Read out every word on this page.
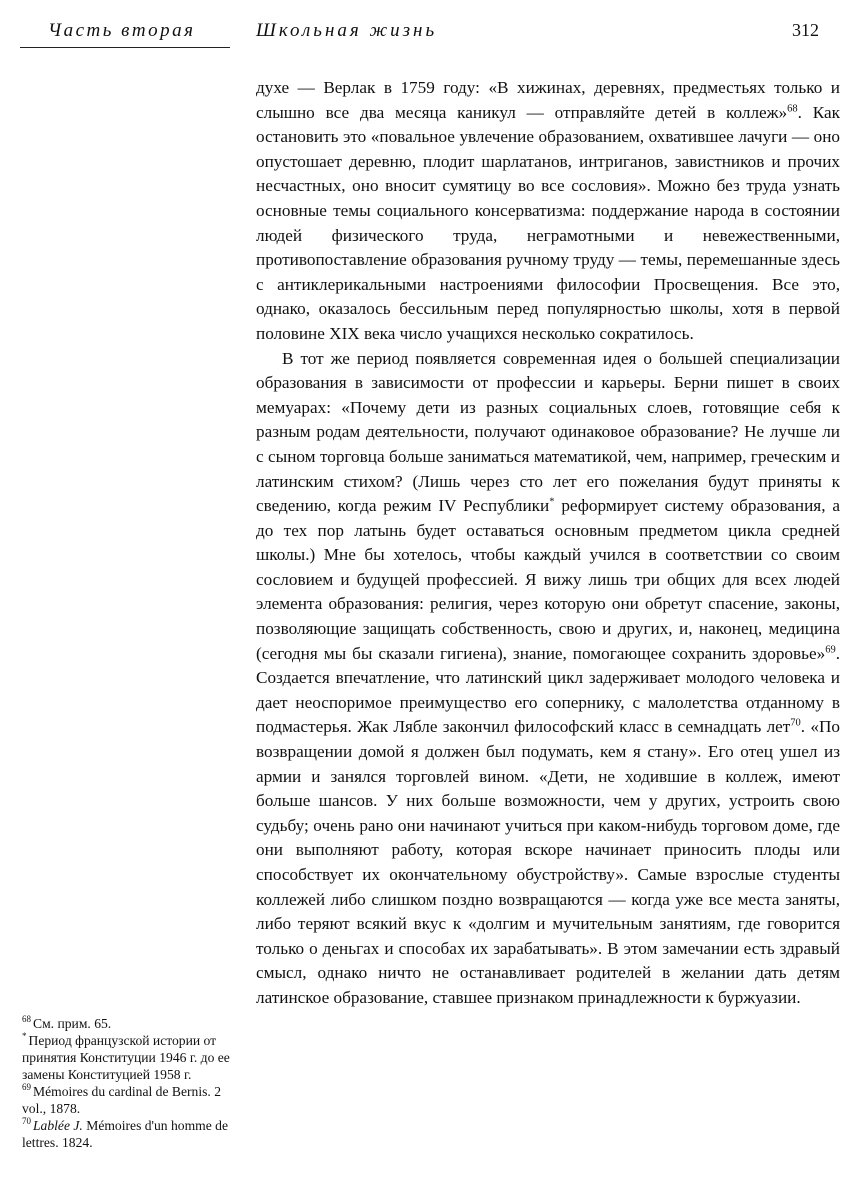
Часть вторая	Школьная жизнь	312

духе — Верлак в 1759 году: «В хижинах, деревнях, предместьях только и слышно все два месяца каникул — отправляйте детей в коллеж»$^{68}$. Как остановить это «повальное увлечение образованием, охватившее лачуги — оно опустошает деревню, плодит шарлатанов, интриганов, завистников и прочих несчастных, оно вносит сумятицу во все сословия». Можно без труда узнать основные темы социального консерватизма: поддержание народа в состоянии людей физического труда, неграмотными и невежественными, противопоставление образования ручному труду — темы, перемешанные здесь с антиклерикальными настроениями философии Просвещения. Все это, однако, оказалось бессильным перед популярностью школы, хотя в первой половине XIX века число учащихся несколько сократилось.

В тот же период появляется современная идея о большей специализации образования в зависимости от профессии и карьеры. Берни пишет в своих мемуарах: «Почему дети из разных социальных слоев, готовящие себя к разным родам деятельности, получают одинаковое образование? Не лучше ли с сыном торговца больше заниматься математикой, чем, например, греческим и латинским стихом? (Лишь через сто лет его пожелания будут приняты к сведению, когда режим IV Республики* реформирует систему образования, а до тех пор латынь будет оставаться основным предметом цикла средней школы.) Мне бы хотелось, чтобы каждый учился в соответствии со своим сословием и будущей профессией. Я вижу лишь три общих для всех людей элемента образования: религия, через которую они обретут спасение, законы, позволяющие защищать собственность, свою и других, и, наконец, медицина (сегодня мы бы сказали гигиена), знание, помогающее сохранить здоровье»$^{69}$. Создается впечатление, что латинский цикл задерживает молодого человека и дает неоспоримое преимущество его сопернику, с малолетства отданному в подмастерья. Жак Лябле закончил философский класс в семнадцать лет$^{70}$. «По возвращении домой я должен был подумать, кем я стану». Его отец ушел из армии и занялся торговлей вином. «Дети, не ходившие в коллеж, имеют больше шансов. У них больше возможности, чем у других, устроить свою судьбу; очень рано они начинают учиться при каком-нибудь торговом доме, где они выполняют работу, которая вскоре начинает приносить плоды или способствует их окончательному обустройству». Самые взрослые студенты коллежей либо слишком поздно возвращаются — когда уже все места заняты, либо теряют всякий вкус к «долгим и мучительным занятиям, где говорится только о деньгах и способах их зарабатывать». В этом замечании есть здравый смысл, однако ничто не останавливает родителей в желании дать детям латинское образование, ставшее признаком принадлежности к буржуазии.

$^{68}$ См. прим. 65.

* Период французской истории от принятия Конституции 1946 г. до ее замены Конституцией 1958 г.

$^{69}$ Mémoires du cardinal de Bernis. 2 vol., 1878.

$^{70}$ Lablée J. Mémoires d'un homme de lettres. 1824.
